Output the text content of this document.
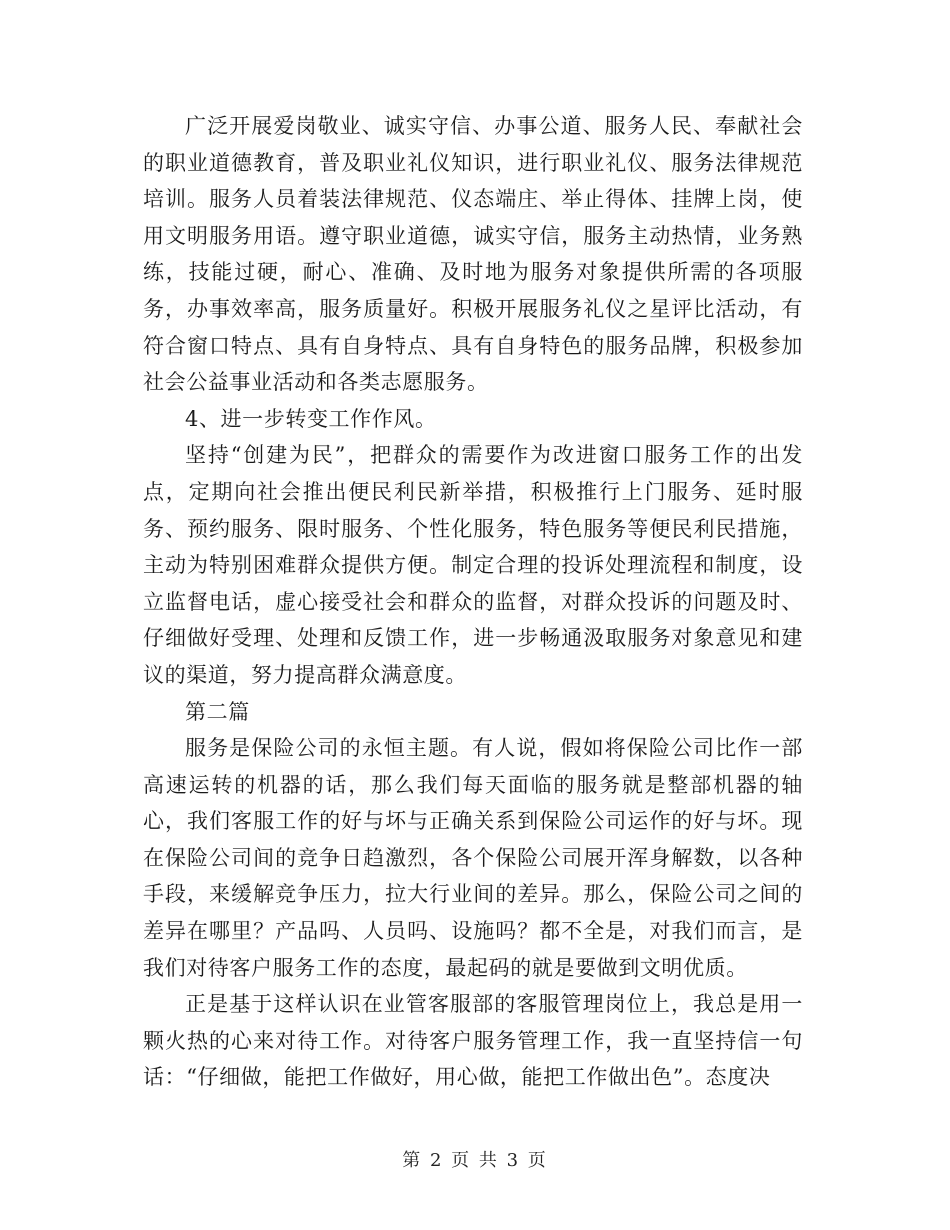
广泛开展爱岗敬业、诚实守信、办事公道、服务人民、奉献社会的职业道德教育，普及职业礼仪知识，进行职业礼仪、服务法律规范培训。服务人员着装法律规范、仪态端庄、举止得体、挂牌上岗，使用文明服务用语。遵守职业道德，诚实守信，服务主动热情，业务熟练，技能过硬，耐心、准确、及时地为服务对象提供所需的各项服务，办事效率高，服务质量好。积极开展服务礼仪之星评比活动，有符合窗口特点、具有自身特点、具有自身特色的服务品牌，积极参加社会公益事业活动和各类志愿服务。

4、进一步转变工作作风。

坚持“创建为民”，把群众的需要作为改进窗口服务工作的出发点，定期向社会推出便民利民新举措，积极推行上门服务、延时服务、预约服务、限时服务、个性化服务，特色服务等便民利民措施，主动为特别困难群众提供方便。制定合理的投诉处理流程和制度，设立监督电话，虚心接受社会和群众的监督，对群众投诉的问题及时、仔细做好受理、处理和反馈工作，进一步畅通汲取服务对象意见和建议的渠道，努力提高群众满意度。

第二篇

服务是保险公司的永恒主题。有人说，假如将保险公司比作一部高速运转的机器的话，那么我们每天面临的服务就是整部机器的轴心，我们客服工作的好与坏与正确关系到保险公司运作的好与坏。现在保险公司间的竞争日趋激烈，各个保险公司展开浑身解数，以各种手段，来缓解竞争压力，拉大行业间的差异。那么，保险公司之间的差异在哪里？产品吗、人员吗、设施吗？都不全是，对我们而言，是我们对待客户服务工作的态度，最起码的就是要做到文明优质。

正是基于这样认识在业管客服部的客服管理岗位上，我总是用一颗火热的心来对待工作。对待客户服务管理工作，我一直坚持信一句话：“仔细做，能把工作做好，用心做，能把工作做出色”。态度决

第 2 页 共 3 页
